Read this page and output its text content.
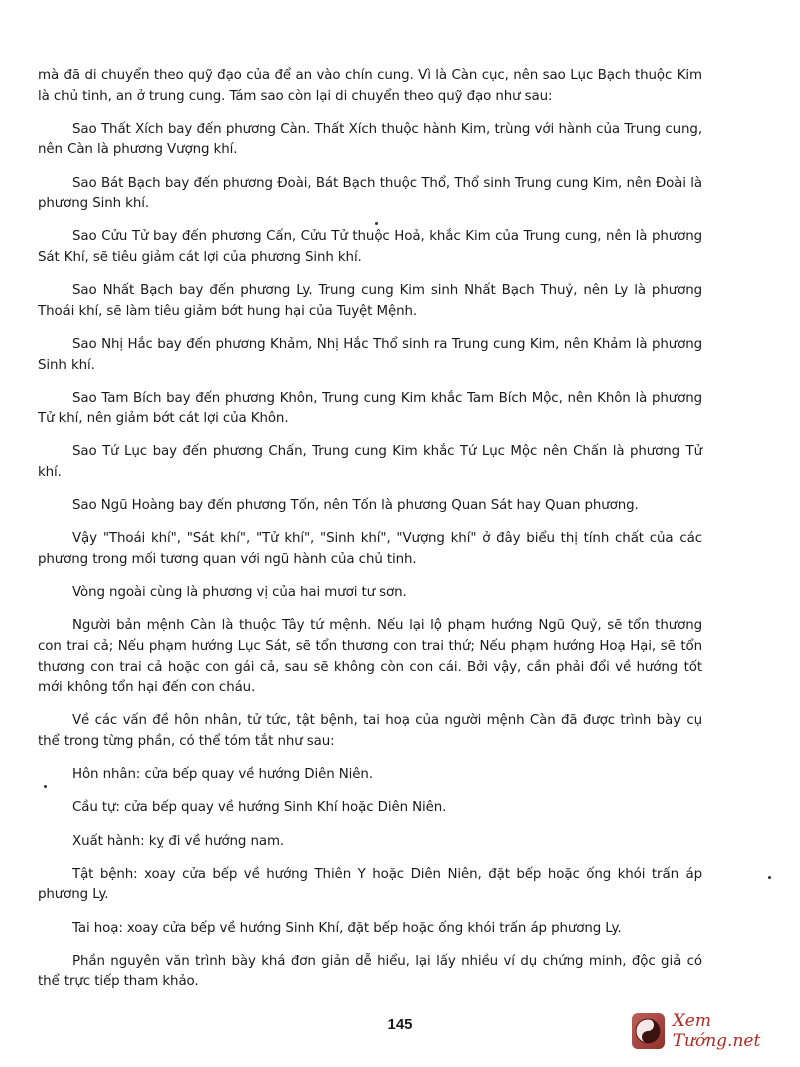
mà đã di chuyển theo quỹ đạo của để an vào chín cung. Vì là Càn cục, nên sao Lục Bạch thuộc Kim là chủ tinh, an ở trung cung. Tám sao còn lại di chuyển theo quỹ đạo như sau:

Sao Thất Xích bay đến phương Càn. Thất Xích thuộc hành Kim, trùng với hành của Trung cung, nên Càn là phương Vượng khí.

Sao Bát Bạch bay đến phương Đoài, Bát Bạch thuộc Thổ, Thổ sinh Trung cung Kim, nên Đoài là phương Sinh khí.

Sao Cửu Tử bay đến phương Cấn, Cửu Tử thuộc Hoả, khắc Kim của Trung cung, nên là phương Sát Khí, sẽ tiêu giảm cát lợi của phương Sinh khí.

Sao Nhất Bạch bay đến phương Ly. Trung cung Kim sinh Nhất Bạch Thuỷ, nên Ly là phương Thoái khí, sẽ làm tiêu giảm bớt hung hại của Tuyệt Mệnh.

Sao Nhị Hắc bay đến phương Khảm, Nhị Hắc Thổ sinh ra Trung cung Kim, nên Khảm là phương Sinh khí.

Sao Tam Bích bay đến phương Khôn, Trung cung Kim khắc Tam Bích Mộc, nên Khôn là phương Tử khí, nên giảm bớt cát lợi của Khôn.

Sao Tứ Lục bay đến phương Chấn, Trung cung Kim khắc Tứ Lục Mộc nên Chấn là phương Tử khí.

Sao Ngũ Hoàng bay đến phương Tốn, nên Tốn là phương Quan Sát hay Quan phương.

Vậy "Thoái khí", "Sát khí", "Tử khí", "Sinh khí", "Vượng khí" ở đây biểu thị tính chất của các phương trong mối tương quan với ngũ hành của chủ tinh.

Vòng ngoài cùng là phương vị của hai mươi tư sơn.

Người bản mệnh Càn là thuộc Tây tứ mệnh. Nếu lại lộ phạm hướng Ngũ Quỷ, sẽ tổn thương con trai cả; Nếu phạm hướng Lục Sát, sẽ tổn thương con trai thứ; Nếu phạm hướng Hoạ Hại, sẽ tổn thương con trai cả hoặc con gái cả, sau sẽ không còn con cái. Bởi vậy, cần phải đổi về hướng tốt mới không tổn hại đến con cháu.

Về các vấn đề hôn nhân, tử tức, tật bệnh, tai hoạ của người mệnh Càn đã được trình bày cụ thể trong từng phần, có thể tóm tắt như sau:

Hôn nhân: cửa bếp quay về hướng Diên Niên.

Cầu tự: cửa bếp quay về hướng Sinh Khí hoặc Diên Niên.

Xuất hành: kỵ đi về hướng nam.

Tật bệnh: xoay cửa bếp về hướng Thiên Y hoặc Diên Niên, đặt bếp hoặc ống khói trấn áp phương Ly.

Tai hoạ: xoay cửa bếp về hướng Sinh Khí, đặt bếp hoặc ống khói trấn áp phương Ly.

Phần nguyên văn trình bày khá đơn giản dễ hiểu, lại lấy nhiều ví dụ chứng minh, độc giả có thể trực tiếp tham khảo.

145	Xem Tướng.net
